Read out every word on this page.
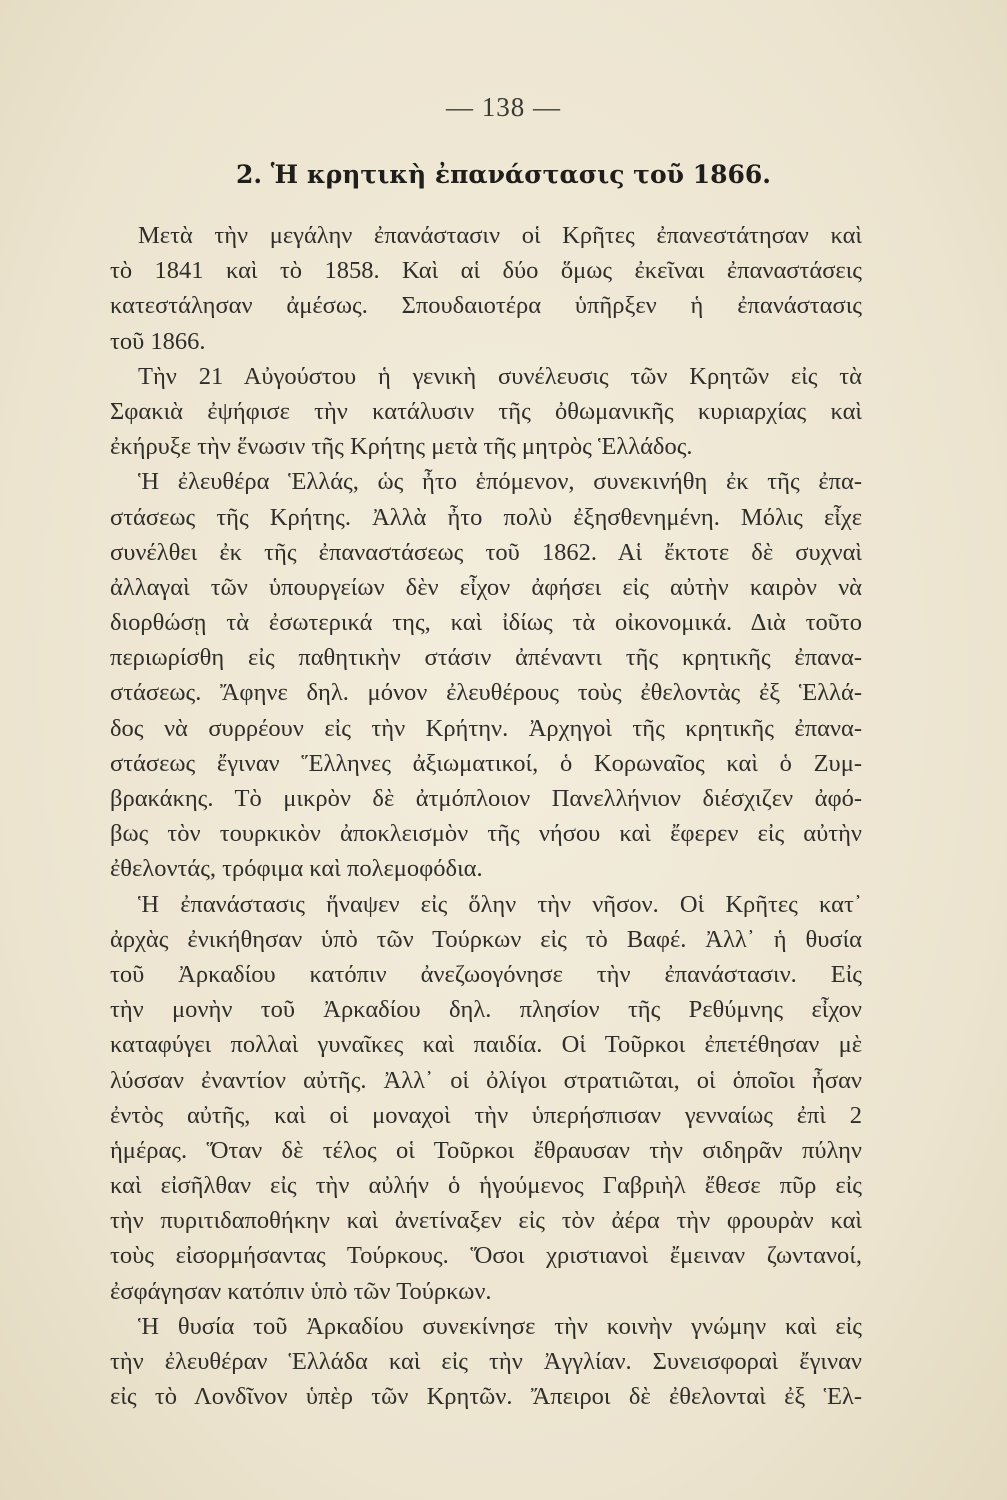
— 138 —
2. Ἡ κρητικὴ ἐπανάστασις τοῦ 1866.
Μετὰ τὴν μεγάλην ἐπανάστασιν οἱ Κρῆτες ἐπανεστάτησαν καὶ
τὸ 1841 καὶ τὸ 1858. Καὶ αἱ δύο ὅμως ἐκεῖναι ἐπαναστάσεις
κατεστάλησαν ἀμέσως. Σπουδαιοτέρα ὑπῆρξεν ἡ ἐπανάστασις
τοῦ 1866.
Τὴν 21 Αὐγούστου ἡ γενικὴ συνέλευσις τῶν Κρητῶν εἰς τὰ
Σφακιὰ ἐψήφισε τὴν κατάλυσιν τῆς ὀθωμανικῆς κυριαρχίας καὶ
ἐκήρυξε τὴν ἕνωσιν τῆς Κρήτης μετὰ τῆς μητρὸς Ἑλλάδος.
Ἡ ἐλευθέρα Ἑλλάς, ὡς ἦτο ἑπόμενον, συνεκινήθη ἐκ τῆς ἐπα-
στάσεως τῆς Κρήτης. Ἀλλὰ ἦτο πολὺ ἐξησθενημένη. Μόλις εἶχε
συνέλθει ἐκ τῆς ἐπαναστάσεως τοῦ 1862. Αἱ ἔκτοτε δὲ συχναὶ
ἀλλαγαὶ τῶν ὑπουργείων δὲν εἶχον ἀφήσει εἰς αὐτὴν καιρὸν νὰ
διορθώσῃ τὰ ἐσωτερικά της, καὶ ἰδίως τὰ οἰκονομικά. Διὰ τοῦτο
περιωρίσθη εἰς παθητικὴν στάσιν ἀπέναντι τῆς κρητικῆς ἐπανα-
στάσεως. Ἄφηνε δηλ. μόνον ἐλευθέρους τοὺς ἐθελοντὰς ἐξ Ἑλλά-
δος νὰ συρρέουν εἰς τὴν Κρήτην. Ἀρχηγοὶ τῆς κρητικῆς ἐπανα-
στάσεως ἔγιναν Ἕλληνες ἀξιωματικοί, ὁ Κορωναῖος καὶ ὁ Ζυμ-
βρακάκης. Τὸ μικρὸν δὲ ἀτμόπλοιον Πανελλήνιον διέσχιζεν ἀφό-
βως τὸν τουρκικὸν ἀποκλεισμὸν τῆς νήσου καὶ ἔφερεν εἰς αὐτὴν
ἐθελοντάς, τρόφιμα καὶ πολεμοφόδια.
Ἡ ἐπανάστασις ἥναψεν εἰς ὅλην τὴν νῆσον. Οἱ Κρῆτες κατ᾽
ἀρχὰς ἐνικήθησαν ὑπὸ τῶν Τούρκων εἰς τὸ Βαφέ. Ἀλλ᾽ ἡ θυσία
τοῦ Ἀρκαδίου κατόπιν ἀνεζωογόνησε τὴν ἐπανάστασιν. Εἰς
τὴν μονὴν τοῦ Ἀρκαδίου δηλ. πλησίον τῆς Ρεθύμνης εἶχον
καταφύγει πολλαὶ γυναῖκες καὶ παιδία. Οἱ Τοῦρκοι ἐπετέθησαν μὲ
λύσσαν ἐναντίον αὐτῆς. Ἀλλ᾽ οἱ ὀλίγοι στρατιῶται, οἱ ὁποῖοι ἦσαν
ἐντὸς αὐτῆς, καὶ οἱ μοναχοὶ τὴν ὑπερήσπισαν γενναίως ἐπὶ 2
ἡμέρας. Ὅταν δὲ τέλος οἱ Τοῦρκοι ἔθραυσαν τὴν σιδηρᾶν πύλην
καὶ εἰσῆλθαν εἰς τὴν αὐλήν ὁ ἡγούμενος Γαβριὴλ ἔθεσε πῦρ εἰς
τὴν πυριτιδαποθήκην καὶ ἀνετίναξεν εἰς τὸν ἀέρα τὴν φρουρὰν καὶ
τοὺς εἰσορμήσαντας Τούρκους. Ὅσοι χριστιανοὶ ἔμειναν ζωντανοί,
ἐσφάγησαν κατόπιν ὑπὸ τῶν Τούρκων.
Ἡ θυσία τοῦ Ἀρκαδίου συνεκίνησε τὴν κοινὴν γνώμην καὶ εἰς
τὴν ἐλευθέραν Ἑλλάδα καὶ εἰς τὴν Ἀγγλίαν. Συνεισφοραὶ ἔγιναν
εἰς τὸ Λονδῖνον ὑπὲρ τῶν Κρητῶν. Ἄπειροι δὲ ἐθελονταὶ ἐξ Ἑλ-
